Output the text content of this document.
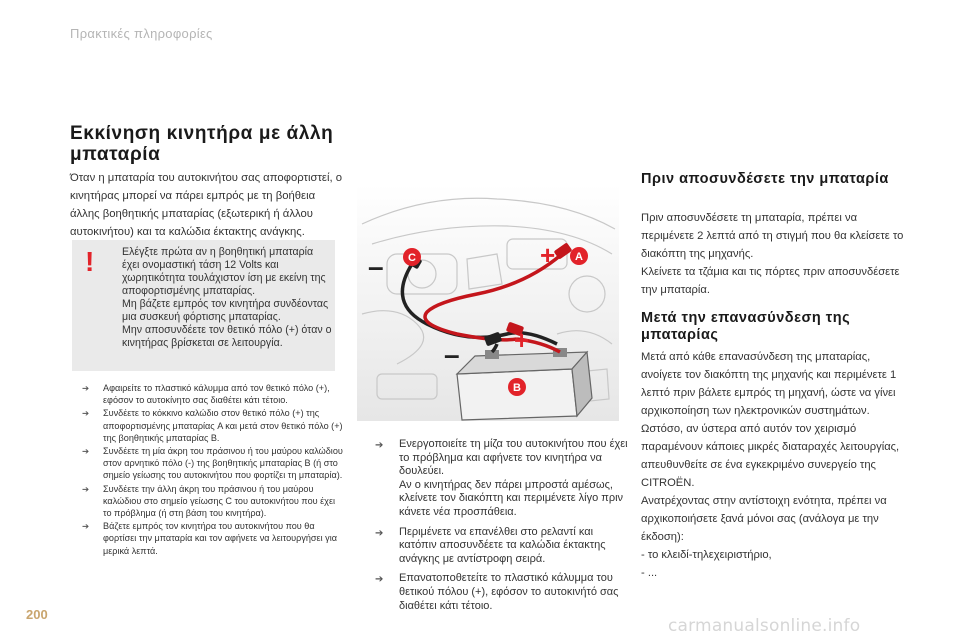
Πρακτικές πληροφορίες
Εκκίνηση κινητήρα με άλλη μπαταρία

Όταν η μπαταρία του αυτοκινήτου σας αποφορτιστεί, ο κινητήρας μπορεί να πάρει εμπρός με τη βοήθεια άλλης βοηθητικής μπαταρίας (εξωτερική ή άλλου αυτοκινήτου) και τα καλώδια έκτακτης ανάγκης.

!	Ελέγξτε πρώτα αν η βοηθητική μπαταρία έχει ονομαστική τάση 12 Volts και χωρητικότητα τουλάχιστον ίση με εκείνη της αποφορτισμένης μπαταρίας.

Μη βάζετε εμπρός τον κινητήρα συνδέοντας μια συσκευή φόρτισης μπαταρίας.

Μην αποσυνδέετε τον θετικό πόλο (+) όταν ο κινητήρας βρίσκεται σε λειτουργία.

➔ Αφαιρείτε το πλαστικό κάλυμμα από τον θετικό πόλο (+), εφόσον το αυτοκίνητο σας διαθέτει κάτι τέτοιο.

➔ Συνδέετε το κόκκινο καλώδιο στον θετικό πόλο (+) της αποφορτισμένης μπαταρίας A και μετά στον θετικό πόλο (+) της βοηθητικής μπαταρίας B.

➔ Συνδέετε τη μία άκρη του πράσινου ή του μαύρου καλώδιου στον αρνητικό πόλο (-) της βοηθητικής μπαταρίας B (ή στο σημείο γείωσης του αυτοκινήτου που φορτίζει τη μπαταρία).

➔ Συνδέετε την άλλη άκρη του πράσινου ή του μαύρου καλώδιου στο σημείο γείωσης C του αυτοκινήτου που έχει το πρόβλημα (ή στη βάση του κινητήρα).

➔ Βάζετε εμπρός τον κινητήρα του αυτοκινήτου που θα φορτίσει την μπαταρία και τον αφήνετε να λειτουργήσει για μερικά λεπτά.

+
+
–
–
A
C
B
➔ Ενεργοποιείτε τη μίζα του αυτοκινήτου που έχει το πρόβλημα και αφήνετε τον κινητήρα να δουλεύει.

Αν ο κινητήρας δεν πάρει μπροστά αμέσως, κλείνετε τον διακόπτη και περιμένετε λίγο πριν κάνετε νέα προσπάθεια.

➔ Περιμένετε να επανέλθει στο ρελαντί και κατόπιν αποσυνδέετε τα καλώδια έκτακτης ανάγκης με αντίστροφη σειρά.

➔ Επανατοποθετείτε το πλαστικό κάλυμμα του θετικού πόλου (+), εφόσον το αυτοκινήτό σας διαθέτει κάτι τέτοιο.

Πριν αποσυνδέσετε την μπαταρία

Πριν αποσυνδέσετε τη μπαταρία, πρέπει να περιμένετε 2 λεπτά από τη στιγμή που θα κλείσετε το διακόπτη της μηχανής.

Κλείνετε τα τζάμια και τις πόρτες πριν αποσυνδέσετε την μπαταρία.

Μετά την επανασύνδεση της μπαταρίας

Μετά από κάθε επανασύνδεση της μπαταρίας, ανοίγετε τον διακόπτη της μηχανής και περιμένετε 1 λεπτό πριν βάλετε εμπρός τη μηχανή, ώστε να γίνει αρχικοποίηση των ηλεκτρονικών συστημάτων. Ωστόσο, αν ύστερα από αυτόν τον χειρισμό παραμένουν κάποιες μικρές διαταραχές λειτουργίας, απευθυνθείτε σε ένα εγκεκριμένο συνεργείο της CITROËN.

Ανατρέχοντας στην αντίστοιχη ενότητα, πρέπει να αρχικοποιήσετε ξανά μόνοι σας (ανάλογα με την έκδοση):

- το κλειδί-τηλεχειριστήριο,
- ...
200
carmanualsonline.info
